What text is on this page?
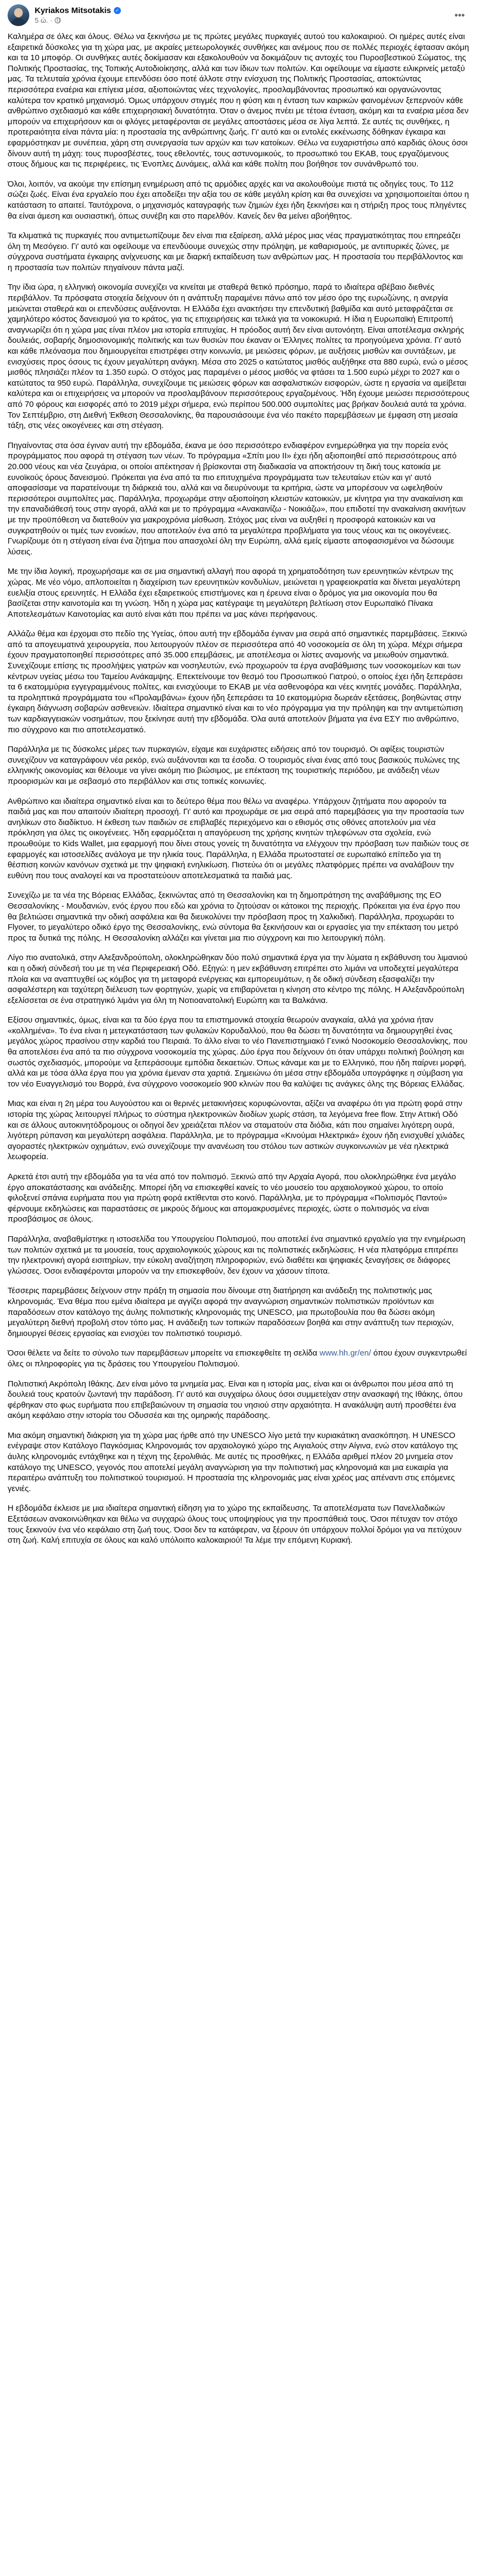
Kyriakos Mitsotakis ✓
5 ώ. ·	•••

Καλημέρα σε όλες και όλους. Θέλω να ξεκινήσω με τις πρώτες μεγάλες πυρκαγιές αυτού του καλοκαιριού. Οι ημέρες αυτές είναι εξαιρετικά δύσκολες για τη χώρα μας, με ακραίες μετεωρολογικές συνθήκες και ανέμους που σε πολλές περιοχές έφτασαν ακόμη και τα 10 μποφόρ. Οι συνθήκες αυτές δοκίμασαν και εξακολουθούν να δοκιμάζουν τις αντοχές του Πυροσβεστικού Σώματος, της Πολιτικής Προστασίας, της Τοπικής Αυτοδιοίκησης, αλλά και των ίδιων των πολιτών. Και οφείλουμε να είμαστε ειλικρινείς μεταξύ μας. Τα τελευταία χρόνια έχουμε επενδύσει όσο ποτέ άλλοτε στην ενίσχυση της Πολιτικής Προστασίας, αποκτώντας περισσότερα εναέρια και επίγεια μέσα, αξιοποιώντας νέες τεχνολογίες, προσλαμβάνοντας προσωπικό και οργανώνοντας καλύτερα τον κρατικό μηχανισμό. Όμως υπάρχουν στιγμές που η φύση και η ένταση των καιρικών φαινομένων ξεπερνούν κάθε ανθρώπινο σχεδιασμό και κάθε επιχειρησιακή δυνατότητα. Όταν ο άνεμος πνέει με τέτοια ένταση, ακόμη και τα εναέρια μέσα δεν μπορούν να επιχειρήσουν και οι φλόγες μεταφέρονται σε μεγάλες αποστάσεις μέσα σε λίγα λεπτά. Σε αυτές τις συνθήκες, η προτεραιότητα είναι πάντα μία: η προστασία της ανθρώπινης ζωής. Γι' αυτό και οι εντολές εκκένωσης δόθηκαν έγκαιρα και εφαρμόστηκαν με συνέπεια, χάρη στη συνεργασία των αρχών και των κατοίκων. Θέλω να ευχαριστήσω από καρδιάς όλους όσοι δίνουν αυτή τη μάχη: τους πυροσβέστες, τους εθελοντές, τους αστυνομικούς, το προσωπικό του ΕΚΑΒ, τους εργαζόμενους στους δήμους και τις περιφέρειες, τις Ένοπλες Δυνάμεις, αλλά και κάθε πολίτη που βοήθησε τον συνάνθρωπό του.

Όλοι, λοιπόν, να ακούμε την επίσημη ενημέρωση από τις αρμόδιες αρχές και να ακολουθούμε πιστά τις οδηγίες τους. Το 112 σώζει ζωές. Είναι ένα εργαλείο που έχει αποδείξει την αξία του σε κάθε μεγάλη κρίση και θα συνεχίσει να χρησιμοποιείται όπου η κατάσταση το απαιτεί. Ταυτόχρονα, ο μηχανισμός καταγραφής των ζημιών έχει ήδη ξεκινήσει και η στήριξη προς τους πληγέντες θα είναι άμεση και ουσιαστική, όπως συνέβη και στο παρελθόν. Κανείς δεν θα μείνει αβοήθητος.

Τα κλιματικά τις πυρκαγιές που αντιμετωπίζουμε δεν είναι πια εξαίρεση, αλλά μέρος μιας νέας πραγματικότητας που επηρεάζει όλη τη Μεσόγειο. Γι' αυτό και οφείλουμε να επενδύουμε συνεχώς στην πρόληψη, με καθαρισμούς, με αντιπυρικές ζώνες, με σύγχρονα συστήματα έγκαιρης ανίχνευσης και με διαρκή εκπαίδευση των ανθρώπων μας. Η προστασία του περιβάλλοντος και η προστασία των πολιτών πηγαίνουν πάντα μαζί.

Την ίδια ώρα, η ελληνική οικονομία συνεχίζει να κινείται με σταθερά θετικό πρόσημο, παρά το ιδιαίτερα αβέβαιο διεθνές περιβάλλον. Τα πρόσφατα στοιχεία δείχνουν ότι η ανάπτυξη παραμένει πάνω από τον μέσο όρο της ευρωζώνης, η ανεργία μειώνεται σταθερά και οι επενδύσεις αυξάνονται. Η Ελλάδα έχει ανακτήσει την επενδυτική βαθμίδα και αυτό μεταφράζεται σε χαμηλότερο κόστος δανεισμού για το κράτος, για τις επιχειρήσεις και τελικά για τα νοικοκυριά. Η ίδια η Ευρωπαϊκή Επιτροπή αναγνωρίζει ότι η χώρα μας είναι πλέον μια ιστορία επιτυχίας. Η πρόοδος αυτή δεν είναι αυτονόητη. Είναι αποτέλεσμα σκληρής δουλειάς, σοβαρής δημοσιονομικής πολιτικής και των θυσιών που έκαναν οι Έλληνες πολίτες τα προηγούμενα χρόνια. Γι' αυτό και κάθε πλεόνασμα που δημιουργείται επιστρέφει στην κοινωνία, με μειώσεις φόρων, με αυξήσεις μισθών και συντάξεων, με ενισχύσεις προς όσους τις έχουν μεγαλύτερη ανάγκη. Μέσα στο 2025 ο κατώτατος μισθός αυξήθηκε στα 880 ευρώ, ενώ ο μέσος μισθός πλησιάζει πλέον τα 1.350 ευρώ. Ο στόχος μας παραμένει ο μέσος μισθός να φτάσει τα 1.500 ευρώ μέχρι το 2027 και ο κατώτατος τα 950 ευρώ. Παράλληλα, συνεχίζουμε τις μειώσεις φόρων και ασφαλιστικών εισφορών, ώστε η εργασία να αμείβεται καλύτερα και οι επιχειρήσεις να μπορούν να προσλαμβάνουν περισσότερους εργαζομένους. Ήδη έχουμε μειώσει περισσότερους από 70 φόρους και εισφορές από το 2019 μέχρι σήμερα, ενώ περίπου 500.000 συμπολίτες μας βρήκαν δουλειά αυτά τα χρόνια. Τον Σεπτέμβριο, στη Διεθνή Έκθεση Θεσσαλονίκης, θα παρουσιάσουμε ένα νέο πακέτο παρεμβάσεων με έμφαση στη μεσαία τάξη, στις νέες οικογένειες και στη στέγαση.

Πηγαίνοντας στα όσα έγιναν αυτή την εβδομάδα, έκανα με όσο περισσότερο ενδιαφέρον ενημερώθηκα για την πορεία ενός προγράμματος που αφορά τη στέγαση των νέων. Το πρόγραμμα «Σπίτι μου ΙΙ» έχει ήδη αξιοποιηθεί από περισσότερους από 20.000 νέους και νέα ζευγάρια, οι οποίοι απέκτησαν ή βρίσκονται στη διαδικασία να αποκτήσουν τη δική τους κατοικία με ευνοϊκούς όρους δανεισμού. Πρόκειται για ένα από τα πιο επιτυχημένα προγράμματα των τελευταίων ετών και γι' αυτό αποφασίσαμε να παρατείνουμε τη διάρκειά του, αλλά και να διευρύνουμε τα κριτήρια, ώστε να μπορέσουν να ωφεληθούν περισσότεροι συμπολίτες μας. Παράλληλα, προχωράμε στην αξιοποίηση κλειστών κατοικιών, με κίνητρα για την ανακαίνιση και την επαναδιάθεσή τους στην αγορά, αλλά και με το πρόγραμμα «Ανακαινίζω - Νοικιάζω», που επιδοτεί την ανακαίνιση ακινήτων με την προϋπόθεση να διατεθούν για μακροχρόνια μίσθωση. Στόχος μας είναι να αυξηθεί η προσφορά κατοικιών και να συγκρατηθούν οι τιμές των ενοικίων, που αποτελούν ένα από τα μεγαλύτερα προβλήματα για τους νέους και τις οικογένειες. Γνωρίζουμε ότι η στέγαση είναι ένα ζήτημα που απασχολεί όλη την Ευρώπη, αλλά εμείς είμαστε αποφασισμένοι να δώσουμε λύσεις.

Με την ίδια λογική, προχωρήσαμε και σε μια σημαντική αλλαγή που αφορά τη χρηματοδότηση των ερευνητικών κέντρων της χώρας. Με νέο νόμο, απλοποιείται η διαχείριση των ερευνητικών κονδυλίων, μειώνεται η γραφειοκρατία και δίνεται μεγαλύτερη ευελιξία στους ερευνητές. Η Ελλάδα έχει εξαιρετικούς επιστήμονες και η έρευνα είναι ο δρόμος για μια οικονομία που θα βασίζεται στην καινοτομία και τη γνώση. Ήδη η χώρα μας κατέγραψε τη μεγαλύτερη βελτίωση στον Ευρωπαϊκό Πίνακα Αποτελεσμάτων Καινοτομίας και αυτό είναι κάτι που πρέπει να μας κάνει περήφανους.

Αλλάζω θέμα και έρχομαι στο πεδίο της Υγείας, όπου αυτή την εβδομάδα έγιναν μια σειρά από σημαντικές παρεμβάσεις. Ξεκινώ από τα απογευματινά χειρουργεία, που λειτουργούν πλέον σε περισσότερα από 40 νοσοκομεία σε όλη τη χώρα. Μέχρι σήμερα έχουν πραγματοποιηθεί περισσότερες από 35.000 επεμβάσεις, με αποτέλεσμα οι λίστες αναμονής να μειωθούν σημαντικά. Συνεχίζουμε επίσης τις προσλήψεις γιατρών και νοσηλευτών, ενώ προχωρούν τα έργα αναβάθμισης των νοσοκομείων και των κέντρων υγείας μέσω του Ταμείου Ανάκαμψης. Επεκτείνουμε τον θεσμό του Προσωπικού Γιατρού, ο οποίος έχει ήδη ξεπεράσει τα 6 εκατομμύρια εγγεγραμμένους πολίτες, και ενισχύουμε το ΕΚΑΒ με νέα ασθενοφόρα και νέες κινητές μονάδες. Παράλληλα, τα προληπτικά προγράμματα του «Προλαμβάνω» έχουν ήδη ξεπεράσει τα 10 εκατομμύρια δωρεάν εξετάσεις, βοηθώντας στην έγκαιρη διάγνωση σοβαρών ασθενειών. Ιδιαίτερα σημαντικό είναι και το νέο πρόγραμμα για την πρόληψη και την αντιμετώπιση των καρδιαγγειακών νοσημάτων, που ξεκίνησε αυτή την εβδομάδα. Όλα αυτά αποτελούν βήματα για ένα ΕΣΥ πιο ανθρώπινο, πιο σύγχρονο και πιο αποτελεσματικό.

Παράλληλα με τις δύσκολες μέρες των πυρκαγιών, είχαμε και ευχάριστες ειδήσεις από τον τουρισμό. Οι αφίξεις τουριστών συνεχίζουν να καταγράφουν νέα ρεκόρ, ενώ αυξάνονται και τα έσοδα. Ο τουρισμός είναι ένας από τους βασικούς πυλώνες της ελληνικής οικονομίας και θέλουμε να γίνει ακόμη πιο βιώσιμος, με επέκταση της τουριστικής περιόδου, με ανάδειξη νέων προορισμών και με σεβασμό στο περιβάλλον και στις τοπικές κοινωνίες.

Ανθρώπινο και ιδιαίτερα σημαντικό είναι και το δεύτερο θέμα που θέλω να αναφέρω. Υπάρχουν ζητήματα που αφορούν τα παιδιά μας και που απαιτούν ιδιαίτερη προσοχή. Γι' αυτό και προχωράμε σε μια σειρά από παρεμβάσεις για την προστασία των ανηλίκων στο διαδίκτυο. Η έκθεση των παιδιών σε επιβλαβές περιεχόμενο και ο εθισμός στις οθόνες αποτελούν μια νέα πρόκληση για όλες τις οικογένειες. Ήδη εφαρμόζεται η απαγόρευση της χρήσης κινητών τηλεφώνων στα σχολεία, ενώ προωθούμε το Kids Wallet, μια εφαρμογή που δίνει στους γονείς τη δυνατότητα να ελέγχουν την πρόσβαση των παιδιών τους σε εφαρμογές και ιστοσελίδες ανάλογα με την ηλικία τους. Παράλληλα, η Ελλάδα πρωτοστατεί σε ευρωπαϊκό επίπεδο για τη θέσπιση κοινών κανόνων σχετικά με την ψηφιακή ενηλικίωση. Πιστεύω ότι οι μεγάλες πλατφόρμες πρέπει να αναλάβουν την ευθύνη που τους αναλογεί και να προστατεύουν αποτελεσματικά τα παιδιά μας.

Συνεχίζω με τα νέα της Βόρειας Ελλάδας, ξεκινώντας από τη Θεσσαλονίκη και τη δημοπράτηση της αναβάθμισης της ΕΟ Θεσσαλονίκης - Μουδανιών, ενός έργου που εδώ και χρόνια το ζητούσαν οι κάτοικοι της περιοχής. Πρόκειται για ένα έργο που θα βελτιώσει σημαντικά την οδική ασφάλεια και θα διευκολύνει την πρόσβαση προς τη Χαλκιδική. Παράλληλα, προχωράει το Flyover, το μεγαλύτερο οδικό έργο της Θεσσαλονίκης, ενώ σύντομα θα ξεκινήσουν και οι εργασίες για την επέκταση του μετρό προς τα δυτικά της πόλης. Η Θεσσαλονίκη αλλάζει και γίνεται μια πιο σύγχρονη και πιο λειτουργική πόλη.

Λίγο πιο ανατολικά, στην Αλεξανδρούπολη, ολοκληρώθηκαν δύο πολύ σημαντικά έργα για την λύματα η εκβάθυνση του λιμανιού και η οδική σύνδεσή του με τη νέα Περιφερειακή Οδό. Εξηγώ: η μεν εκβάθυνση επιτρέπει στο λιμάνι να υποδεχτεί μεγαλύτερα πλοία και να αναπτυχθεί ως κόμβος για τη μεταφορά ενέργειας και εμπορευμάτων, η δε οδική σύνδεση εξασφαλίζει την ασφαλέστερη και ταχύτερη διέλευση των φορτηγών, χωρίς να επιβαρύνεται η κίνηση στο κέντρο της πόλης. Η Αλεξανδρούπολη εξελίσσεται σε ένα στρατηγικό λιμάνι για όλη τη Νοτιοανατολική Ευρώπη και τα Βαλκάνια.

Εξίσου σημαντικές, όμως, είναι και τα δύο έργα που τα επιστημονικά στοιχεία θεωρούν αναγκαία, αλλά για χρόνια ήταν «κολλημένα». Το ένα είναι η μετεγκατάσταση των φυλακών Κορυδαλλού, που θα δώσει τη δυνατότητα να δημιουργηθεί ένας μεγάλος χώρος πρασίνου στην καρδιά του Πειραιά. Το άλλο είναι το νέο Πανεπιστημιακό Γενικό Νοσοκομείο Θεσσαλονίκης, που θα αποτελέσει ένα από τα πιο σύγχρονα νοσοκομεία της χώρας. Δύο έργα που δείχνουν ότι όταν υπάρχει πολιτική βούληση και σωστός σχεδιασμός, μπορούμε να ξεπεράσουμε εμπόδια δεκαετιών. Όπως κάναμε και με το Ελληνικό, που ήδη παίρνει μορφή, αλλά και με τόσα άλλα έργα που για χρόνια έμεναν στα χαρτιά. Σημειώνω ότι μέσα στην εβδομάδα υπογράφηκε η σύμβαση για τον νέο Ευαγγελισμό του Βορρά, ένα σύγχρονο νοσοκομείο 900 κλινών που θα καλύψει τις ανάγκες όλης της Βόρειας Ελλάδας.

Μιας και είναι η 2η μέρα του Αυγούστου και οι θερινές μετακινήσεις κορυφώνονται, αξίζει να αναφέρω ότι για πρώτη φορά στην ιστορία της χώρας λειτουργεί πλήρως το σύστημα ηλεκτρονικών διοδίων χωρίς στάση, τα λεγόμενα free flow. Στην Αττική Οδό και σε άλλους αυτοκινητόδρομους οι οδηγοί δεν χρειάζεται πλέον να σταματούν στα διόδια, κάτι που σημαίνει λιγότερη ουρά, λιγότερη ρύπανση και μεγαλύτερη ασφάλεια. Παράλληλα, με το πρόγραμμα «Κινούμαι Ηλεκτρικά» έχουν ήδη ενισχυθεί χιλιάδες αγοραστές ηλεκτρικών οχημάτων, ενώ συνεχίζουμε την ανανέωση του στόλου των αστικών συγκοινωνιών με νέα ηλεκτρικά λεωφορεία.

Αρκετά έτσι αυτή την εβδομάδα για τα νέα από τον πολιτισμό. Ξεκινώ από την Αρχαία Αγορά, που ολοκληρώθηκε ένα μεγάλο έργο αποκατάστασης και ανάδειξης. Μπορεί ήδη να επισκεφθεί κανείς το νέο μουσείο του αρχαιολογικού χώρου, το οποίο φιλοξενεί σπάνια ευρήματα που για πρώτη φορά εκτίθενται στο κοινό. Παράλληλα, με το πρόγραμμα «Πολιτισμός Παντού» φέρνουμε εκδηλώσεις και παραστάσεις σε μικρούς δήμους και απομακρυσμένες περιοχές, ώστε ο πολιτισμός να είναι προσβάσιμος σε όλους.

Παράλληλα, αναβαθμίστηκε η ιστοσελίδα του Υπουργείου Πολιτισμού, που αποτελεί ένα σημαντικό εργαλείο για την ενημέρωση των πολιτών σχετικά με τα μουσεία, τους αρχαιολογικούς χώρους και τις πολιτιστικές εκδηλώσεις. Η νέα πλατφόρμα επιτρέπει την ηλεκτρονική αγορά εισιτηρίων, την εύκολη αναζήτηση πληροφοριών, ενώ διαθέτει και ψηφιακές ξεναγήσεις σε διάφορες γλώσσες. Όσοι ενδιαφέρονται μπορούν να την επισκεφθούν, δεν έχουν να χάσουν τίποτα.

Τέσσερις παρεμβάσεις δείχνουν στην πράξη τη σημασία που δίνουμε στη διατήρηση και ανάδειξη της πολιτιστικής μας κληρονομιάς. Ένα θέμα που εμένα ιδιαίτερα με αγγίζει αφορά την αναγνώριση σημαντικών πολιτιστικών προϊόντων και παραδόσεων στον κατάλογο της άυλης πολιτιστικής κληρονομιάς της UNESCO, μια πρωτοβουλία που θα δώσει ακόμη μεγαλύτερη διεθνή προβολή στον τόπο μας. Η ανάδειξη των τοπικών παραδόσεων βοηθά και στην ανάπτυξη των περιοχών, δημιουργεί θέσεις εργασίας και ενισχύει τον πολιτιστικό τουρισμό.

Όσοι θέλετε να δείτε το σύνολο των παρεμβάσεων μπορείτε να επισκεφθείτε τη σελίδα www.hh.gr/en/ όπου έχουν συγκεντρωθεί όλες οι πληροφορίες για τις δράσεις του Υπουργείου Πολιτισμού.

Πολιτιστική Ακρόπολη Ιθάκης. Δεν είναι μόνο τα μνημεία μας. Είναι και η ιστορία μας, είναι και οι άνθρωποι που μέσα από τη δουλειά τους κρατούν ζωντανή την παράδοση. Γι' αυτό και συγχαίρω όλους όσοι συμμετείχαν στην ανασκαφή της Ιθάκης, όπου φέρθηκαν στο φως ευρήματα που επιβεβαιώνουν τη σημασία του νησιού στην αρχαιότητα. Η ανακάλυψη αυτή προσθέτει ένα ακόμη κεφάλαιο στην ιστορία του Οδυσσέα και της ομηρικής παράδοσης.

Μια ακόμη σημαντική διάκριση για τη χώρα μας ήρθε από την UNESCO λίγο μετά την κυριακάτικη ανασκόπηση. Η UNESCO ενέγραψε στον Κατάλογο Παγκόσμιας Κληρονομιάς τον αρχαιολογικό χώρο της Αιγιαλούς στην Αίγινα, ενώ στον κατάλογο της άυλης κληρονομιάς εντάχθηκε και η τέχνη της ξερολιθιάς. Με αυτές τις προσθήκες, η Ελλάδα αριθμεί πλέον 20 μνημεία στον κατάλογο της UNESCO, γεγονός που αποτελεί μεγάλη αναγνώριση για την πολιτιστική μας κληρονομιά και μια ευκαιρία για περαιτέρω ανάπτυξη του πολιτιστικού τουρισμού. Η προστασία της κληρονομιάς μας είναι χρέος μας απέναντι στις επόμενες γενιές.

Η εβδομάδα έκλεισε με μια ιδιαίτερα σημαντική είδηση για το χώρο της εκπαίδευσης. Τα αποτελέσματα των Πανελλαδικών Εξετάσεων ανακοινώθηκαν και θέλω να συγχαρώ όλους τους υποψηφίους για την προσπάθειά τους. Όσοι πέτυχαν τον στόχο τους ξεκινούν ένα νέο κεφάλαιο στη ζωή τους. Όσοι δεν τα κατάφεραν, να ξέρουν ότι υπάρχουν πολλοί δρόμοι για να πετύχουν στη ζωή. Καλή επιτυχία σε όλους και καλό υπόλοιπο καλοκαιριού! Τα λέμε την επόμενη Κυριακή.
